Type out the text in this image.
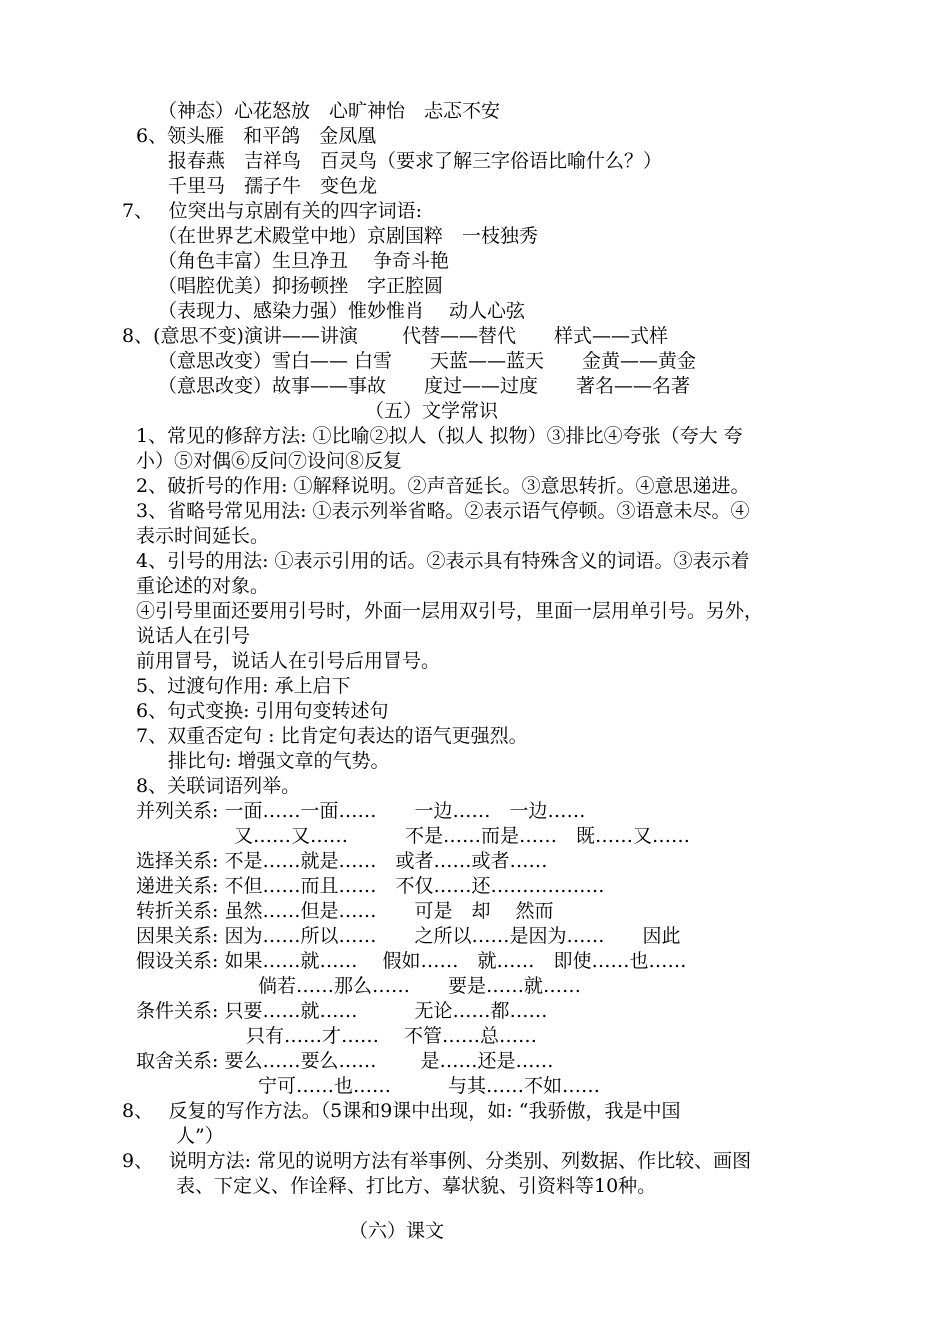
（神态）心花怒放　心旷神怡　忐忑不安
6、领头雁　和平鸽　金凤凰
报春燕　吉祥鸟　百灵鸟（要求了解三字俗语比喻什么？）
千里马　孺子牛　变色龙
7、　 位突出与京剧有关的四字词语:
（在世界艺术殿堂中地）京剧国粹　一枝独秀
（角色丰富）生旦净丑　 争奇斗艳
（唱腔优美）抑扬顿挫　字正腔圆
（表现力、感染力强）惟妙惟肖　 动人心弦
8、(意思不变)演讲——讲演　　 代替——替代　　样式——式样
（意思改变）雪白—— 白雪　　天蓝——蓝天　　金黄——黄金
（意思改变）故事——事故　　度过——过度　　著名——名著
（五）文学常识
1、常见的修辞方法: ①比喻②拟人（拟人 拟物）③排比④夸张（夸大 夸
小）⑤对偶⑥反问⑦设问⑧反复
2、破折号的作用: ①解释说明。②声音延长。③意思转折。④意思递进。
3、省略号常见用法: ①表示列举省略。②表示语气停顿。③语意未尽。④
表示时间延长。
4、引号的用法: ①表示引用的话。②表示具有特殊含义的词语。③表示着
重论述的对象。
④引号里面还要用引号时，外面一层用双引号，里面一层用单引号。另外，
说话人在引号
前用冒号，说话人在引号后用冒号。
5、过渡句作用: 承上启下
6、句式变换: 引用句变转述句
7、双重否定句 : 比肯定句表达的语气更强烈。
排比句: 增强文章的气势。
8、关联词语列举。
并列关系: 一面……一面……　　一边……　一边……
又……又……　　　不是……而是……　既……又……
选择关系: 不是……就是……　或者……或者……
递进关系: 不但……而且……　不仅……还………………
转折关系: 虽然……但是……　　可是　却　 然而
因果关系: 因为……所以……　　之所以……是因为……　　因此
假设关系: 如果……就……　 假如……　就……　即使……也……
倘若……那么……　　要是……就……
条件关系: 只要……就……　　　无论……都……
只有……才……　 不管……总……
取舍关系: 要么……要么……　　 是……还是……
宁可……也……　　　与其……不如……
8、　 反复的写作方法。（5课和9课中出现，如: “我骄傲，我是中国
人”）
9、　 说明方法: 常见的说明方法有举事例、分类别、列数据、作比较、画图
表、下定义、作诠释、打比方、摹状貌、引资料等10种。
（六）课文
